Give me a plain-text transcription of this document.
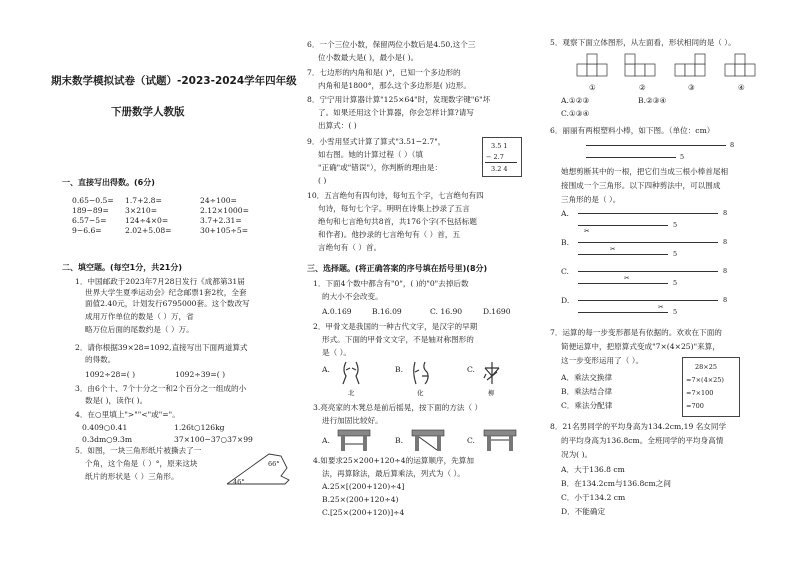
期末数学模拟试卷（试题）-2023-2024学年四年级
下册数学人教版
一、直接写出得数。(6分)
0.65−0.5= 1.7+2.8=	24÷100=
189−89= 3×210=	2.12×1000=
6.57−5= 124÷4×0=	3.7+2.31=
9−6.6=	2.02+5.08=	30+105÷5=
二、填空题。(每空1分，共21分)
1．中国邮政于2023年7月28日发行《成都第31届
世界大学生夏季运动会》纪念邮票1套2枚，全套
面值2.40元，计划发行6795000套。这个数改写
成用万作单位的数是（ ）万，省
略万位后面的尾数约是（ ）万。
2．请你根据39×28=1092,直接写出下面两道算式
的得数。
1092÷28=( )	1092÷39=( )
3．由6个十、7个十分之一和2个百分之一组成的小
数是( )，读作( )。
4．在○里填上">""<"或"="。
0.409○0.41	1.26t○126kg
0.3dm○9.3m	37×100−37○37×99
5．如图，一块三角形纸片被撕去了一
个角，这个角是（ ）°，原来这块
纸片的形状是（ ）三角形。
66°
46°
6．一个三位小数，保留两位小数后是4.50,这个三
位小数最大是( )，最小是( )。
7．七边形的内角和是( )°，已知一个多边形的
内角和是1800°，那么这个多边形是( )边形。
8．宁宁用计算器计算"125×64"时，发现数字键"6"坏
了。如果还用这个计算器，你会怎样计算?请写
出算式：( )
9．小雪用竖式计算了算式"3.51−2.7"，
如右图。她的计算过程（ ）（填
"正确"或"错误"），你判断的理由是：
( )
3.5 1
− 2.7
3.2 4
10．五言绝句有四句诗，每句五个字，七言绝句有四
句诗，每句七个字。明明在诗集上抄录了五言
绝句和七言绝句共8首，共176个字(不包括标题
和作者)。他抄录的七言绝句有（ ）首，五
言绝句有（ ）首。
三、选择题。(将正确答案的序号填在括号里)(8分)
1．下面4个数中都含有"0"，( )的"0"去掉后数
的大小不会改变。
A.0.169	B.16.09	C. 16.90	D.1690
2．甲骨文是我国的一种古代文字，是汉字的早期
形式。下面的甲骨文文字，不是轴对称图形的
是（ ）。
A.
北
B.
化
C.
柳
3.亮亮家的木凳总是前后摇晃，按下面的方法（ ）
进行加固比较好。
A.	B.	C.
4.如要求25×200+120÷4的运算顺序，先算加
法，再算除法，最后算乘法，列式为（ ）。
A.25×[(200+120)÷4]
B.25×(200+120÷4)
C.[25×(200+120)]÷4
5．观察下面立体图形，从左面看，形状相同的是（ ）。
①	②	③	④
A.①②③	B.②③④
C.①③④
6．丽丽有两根塑料小棒，如下图。（单位：cm）
8
5
她想剪断其中的一根，把它们当成三根小棒首尾相
接围成一个三角形。以下四种剪法中，可以围成
三角形的是（ ）。
A.	8
5
✂
B.	8
5
✂
C.	8
5
✂
D.	8
5
✂
7．运算的每一步变形都是有依据的。欢欢在下面的
简便运算中，把原算式变成"7×(4×25)"来算，
这一步变形运用了（ ）。
28×25
=7×(4×25)
=7×100
=700
A．乘法交换律
B．乘法结合律
C．乘法分配律
8．21名男同学的平均身高为134.2cm,19 名女同学
的平均身高为136.8cm。全班同学的平均身高情
况为( )。
A．大于136.8 cm
B．在134.2cm与136.8cm之间
C．小于134.2 cm
D．不能确定
